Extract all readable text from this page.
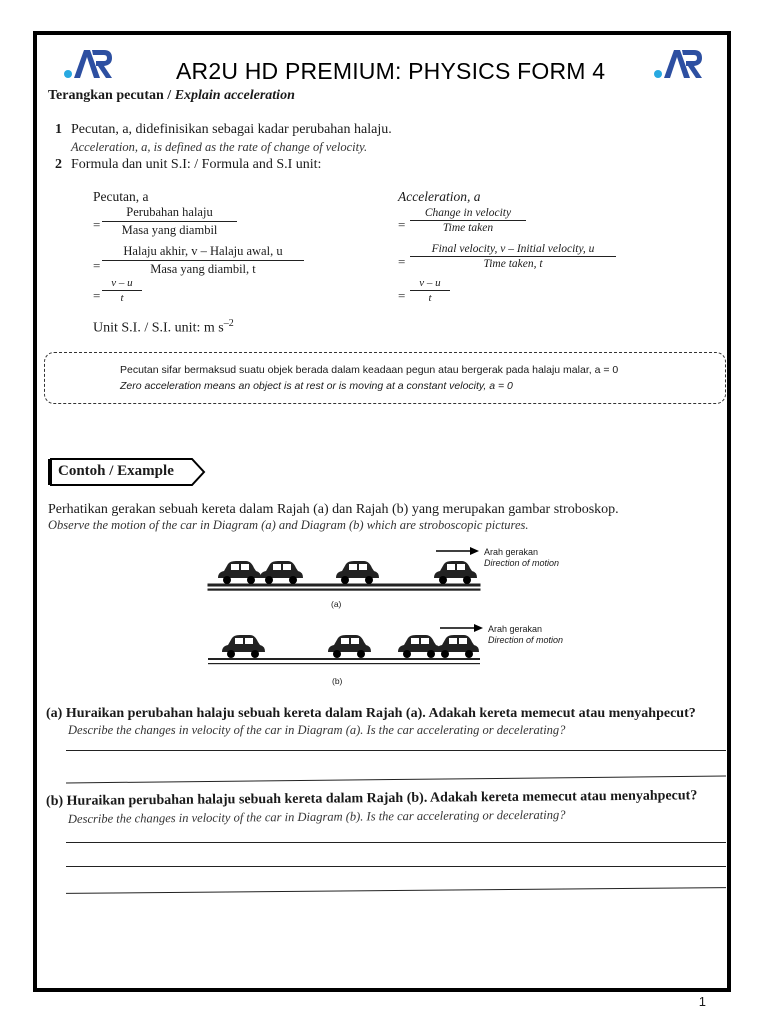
AR2U HD PREMIUM: PHYSICS FORM 4
Terangkan pecutan / Explain acceleration
1 Pecutan, a, didefinisikan sebagai kadar perubahan halaju.
Acceleration, a, is defined as the rate of change of velocity.
2 Formula dan unit S.I: / Formula and S.I unit:
Pecutan, a
=
Perubahan halaju
Masa yang diambil
=
Halaju akhir, v – Halaju awal, u
Masa yang diambil, t
=
v – u
t
Acceleration, a
=
Change in velocity
Time taken
=
Final velocity, v – Initial velocity, u
Time taken, t
=
v – u
t
Unit S.I. / S.I. unit: m $s^{-2}$
Pecutan sifar bermaksud suatu objek berada dalam keadaan pegun atau bergerak pada halaju malar, a = 0
Zero acceleration means an object is at rest or is moving at a constant velocity, a = 0
Contoh / Example
Perhatikan gerakan sebuah kereta dalam Rajah (a) dan Rajah (b) yang merupakan gambar stroboskop.
Observe the motion of the car in Diagram (a) and Diagram (b) which are stroboscopic pictures.
Arah gerakan
Direction of motion
(a)
Arah gerakan
Direction of motion
(b)
(a) Huraikan perubahan halaju sebuah kereta dalam Rajah (a). Adakah kereta memecut atau menyahpecut?
Describe the changes in velocity of the car in Diagram (a). Is the car accelerating or decelerating?
(b) Huraikan perubahan halaju sebuah kereta dalam Rajah (b). Adakah kereta memecut atau menyahpecut?
Describe the changes in velocity of the car in Diagram (b). Is the car accelerating or decelerating?
1
